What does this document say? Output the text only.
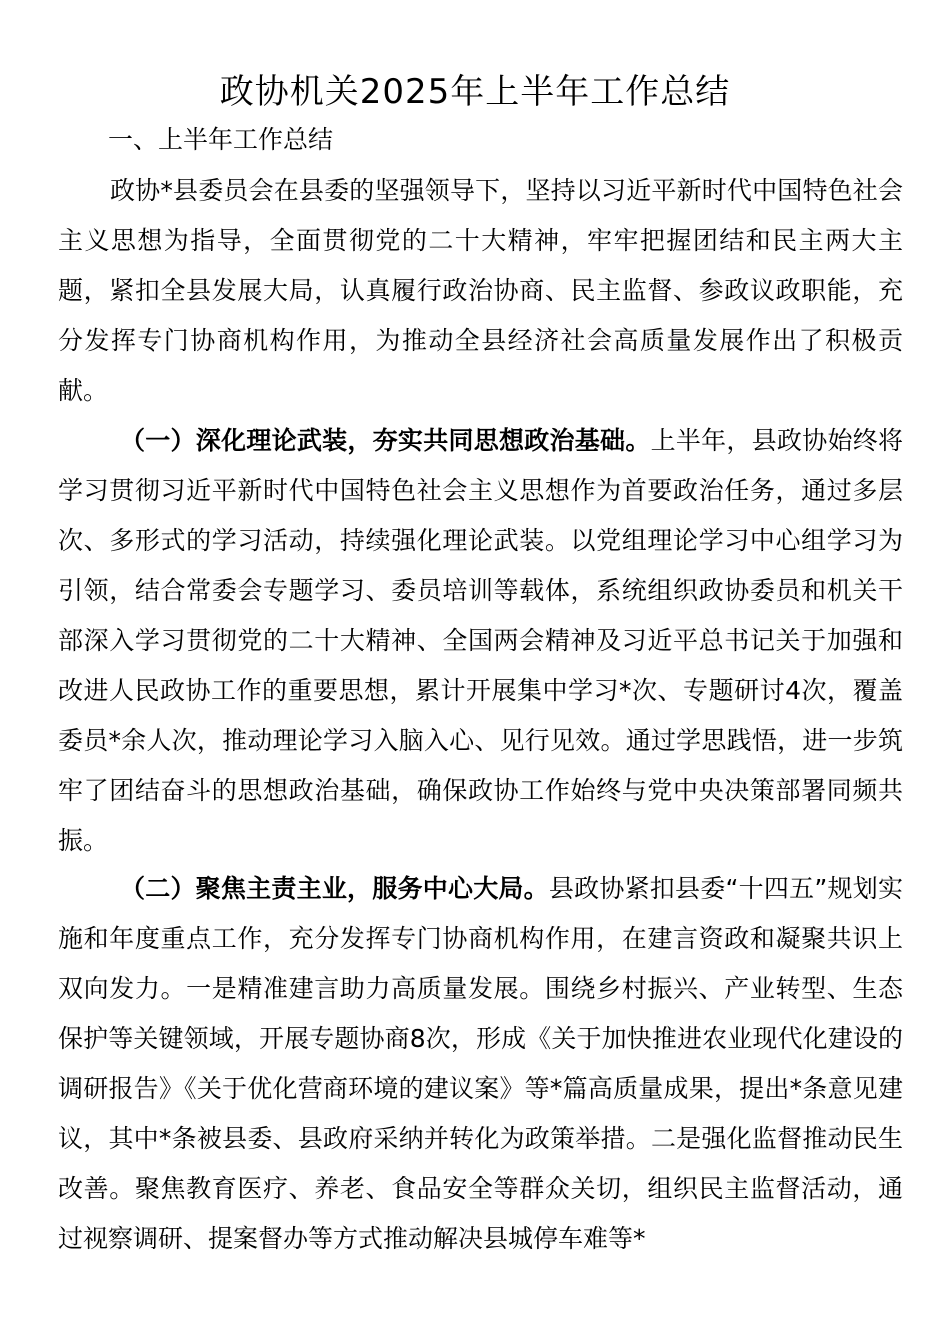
政协机关2025年上半年工作总结
一、上半年工作总结

政协*县委员会在县委的坚强领导下，坚持以习近平新时代中国特色社会主义思想为指导，全面贯彻党的二十大精神，牢牢把握团结和民主两大主题，紧扣全县发展大局，认真履行政治协商、民主监督、参政议政职能，充分发挥专门协商机构作用，为推动全县经济社会高质量发展作出了积极贡献。

（一）深化理论武装，夯实共同思想政治基础。上半年，县政协始终将学习贯彻习近平新时代中国特色社会主义思想作为首要政治任务，通过多层次、多形式的学习活动，持续强化理论武装。以党组理论学习中心组学习为引领，结合常委会专题学习、委员培训等载体，系统组织政协委员和机关干部深入学习贯彻党的二十大精神、全国两会精神及习近平总书记关于加强和改进人民政协工作的重要思想，累计开展集中学习*次、专题研讨4次，覆盖委员*余人次，推动理论学习入脑入心、见行见效。通过学思践悟，进一步筑牢了团结奋斗的思想政治基础，确保政协工作始终与党中央决策部署同频共振。

（二）聚焦主责主业，服务中心大局。县政协紧扣县委“十四五”规划实施和年度重点工作，充分发挥专门协商机构作用，在建言资政和凝聚共识上双向发力。一是精准建言助力高质量发展。围绕乡村振兴、产业转型、生态保护等关键领域，开展专题协商8次，形成《关于加快推进农业现代化建设的调研报告》《关于优化营商环境的建议案》等*篇高质量成果，提出*条意见建议，其中*条被县委、县政府采纳并转化为政策举措。二是强化监督推动民生改善。聚焦教育医疗、养老、食品安全等群众关切，组织民主监督活动，通过视察调研、提案督办等方式推动解决县城停车难等*
